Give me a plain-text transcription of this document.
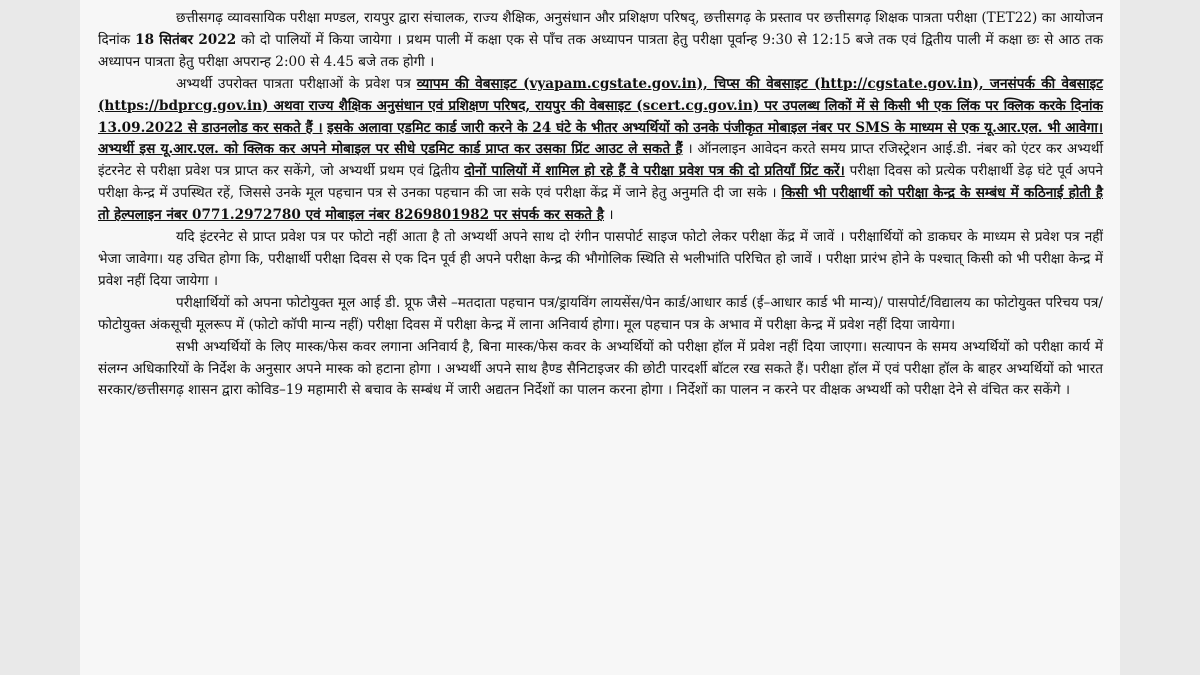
छत्तीसगढ़ व्यावसायिक परीक्षा मण्डल, रायपुर द्वारा संचालक, राज्य शैक्षिक, अनुसंधान और प्रशिक्षण परिषद्, छत्तीसगढ़ के प्रस्ताव पर छत्तीसगढ़ शिक्षक पात्रता परीक्षा (TET22) का आयोजन दिनांक 18 सितंबर 2022 को दो पालियों में किया जायेगा । प्रथम पाली में कक्षा एक से पाँच तक अध्यापन पात्रता हेतु परीक्षा पूर्वान्ह 9:30 से 12:15 बजे तक एवं द्वितीय पाली में कक्षा छः से आठ तक अध्यापन पात्रता हेतु परीक्षा अपरान्ह 2:00 से 4.45 बजे तक होगी ।

अभ्यर्थी उपरोक्त पात्रता परीक्षाओं के प्रवेश पत्र व्यापम की वेबसाइट (vyapam.cgstate.gov.in), चिप्स की वेबसाइट (http://cgstate.gov.in), जनसंपर्क की वेबसाइट (https://bdprcg.gov.in) अथवा राज्य शैक्षिक अनुसंधान एवं प्रशिक्षण परिषद, रायपुर की वेबसाइट (scert.cg.gov.in) पर उपलब्ध लिकों में से किसी भी एक लिंक पर क्लिक करके दिनांक 13.09.2022 से डाउनलोड कर सकते हैं । इसके अलावा एडमिट कार्ड जारी करने के 24 घंटे के भीतर अभ्यर्थियों को उनके पंजीकृत मोबाइल नंबर पर SMS के माध्यम से एक यू.आर.एल. भी आवेगा। अभ्यर्थी इस यू.आर.एल. को क्लिक कर अपने मोबाइल पर सीधे एडमिट कार्ड प्राप्त कर उसका प्रिंट आउट ले सकते हैं । ऑनलाइन आवेदन करते समय प्राप्त रजिस्ट्रेशन आई.डी. नंबर को एंटर कर अभ्यर्थी इंटरनेट से परीक्षा प्रवेश पत्र प्राप्त कर सकेंगे, जो अभ्यर्थी प्रथम एवं द्वितीय दोनों पालियों में शामिल हो रहे हैं वे परीक्षा प्रवेश पत्र की दो प्रतियाँ प्रिंट करें। परीक्षा दिवस को प्रत्येक परीक्षार्थी डेढ़ घंटे पूर्व अपने परीक्षा केन्द्र में उपस्थित रहें, जिससे उनके मूल पहचान पत्र से उनका पहचान की जा सके एवं परीक्षा केंद्र में जाने हेतु अनुमति दी जा सके । किसी भी परीक्षार्थी को परीक्षा केन्द्र के सम्बंध में कठिनाई होती है तो हेल्पलाइन नंबर 0771.2972780 एवं मोबाइल नंबर 8269801982 पर संपर्क कर सकते है ।

यदि इंटरनेट से प्राप्त प्रवेश पत्र पर फोटो नहीं आता है तो अभ्यर्थी अपने साथ दो रंगीन पासपोर्ट साइज फोटो लेकर परीक्षा केंद्र में जावें । परीक्षार्थियों को डाकघर के माध्यम से प्रवेश पत्र नहीं भेजा जावेगा। यह उचित होगा कि, परीक्षार्थी परीक्षा दिवस से एक दिन पूर्व ही अपने परीक्षा केन्द्र की भौगोलिक स्थिति से भलीभांति परिचित हो जावें । परीक्षा प्रारंभ होने के पश्चात् किसी को भी परीक्षा केन्द्र में प्रवेश नहीं दिया जायेगा ।

परीक्षार्थियों को अपना फोटोयुक्त मूल आई डी. प्रूफ जैसे –मतदाता पहचान पत्र/ड्रायविंग लायसेंस/पेन कार्ड/आधार कार्ड (ई–आधार कार्ड भी मान्य)/ पासपोर्ट/विद्यालय का फोटोयुक्त परिचय पत्र/ फोटोयुक्त अंकसूची मूलरूप में (फोटो कॉपी मान्य नहीं) परीक्षा दिवस में परीक्षा केन्द्र में लाना अनिवार्य होगा। मूल पहचान पत्र के अभाव में परीक्षा केन्द्र में प्रवेश नहीं दिया जायेगा।

सभी अभ्यर्थियों के लिए मास्क/फेस कवर लगाना अनिवार्य है, बिना मास्क/फेस कवर के अभ्यर्थियों को परीक्षा हॉल में प्रवेश नहीं दिया जाएगा। सत्यापन के समय अभ्यर्थियों को परीक्षा कार्य में संलग्न अधिकारियों के निर्देश के अनुसार अपने मास्क को हटाना होगा । अभ्यर्थी अपने साथ हैण्ड सैनिटाइजर की छोटी पारदर्शी बॉटल रख सकते हैं। परीक्षा हॉल में एवं परीक्षा हॉल के बाहर अभ्यर्थियों को भारत सरकार/छत्तीसगढ़ शासन द्वारा कोविड–19 महामारी से बचाव के सम्बंध में जारी अद्यतन निर्देशों का पालन करना होगा । निर्देशों का पालन न करने पर वीक्षक अभ्यर्थी को परीक्षा देने से वंचित कर सकेंगे ।
